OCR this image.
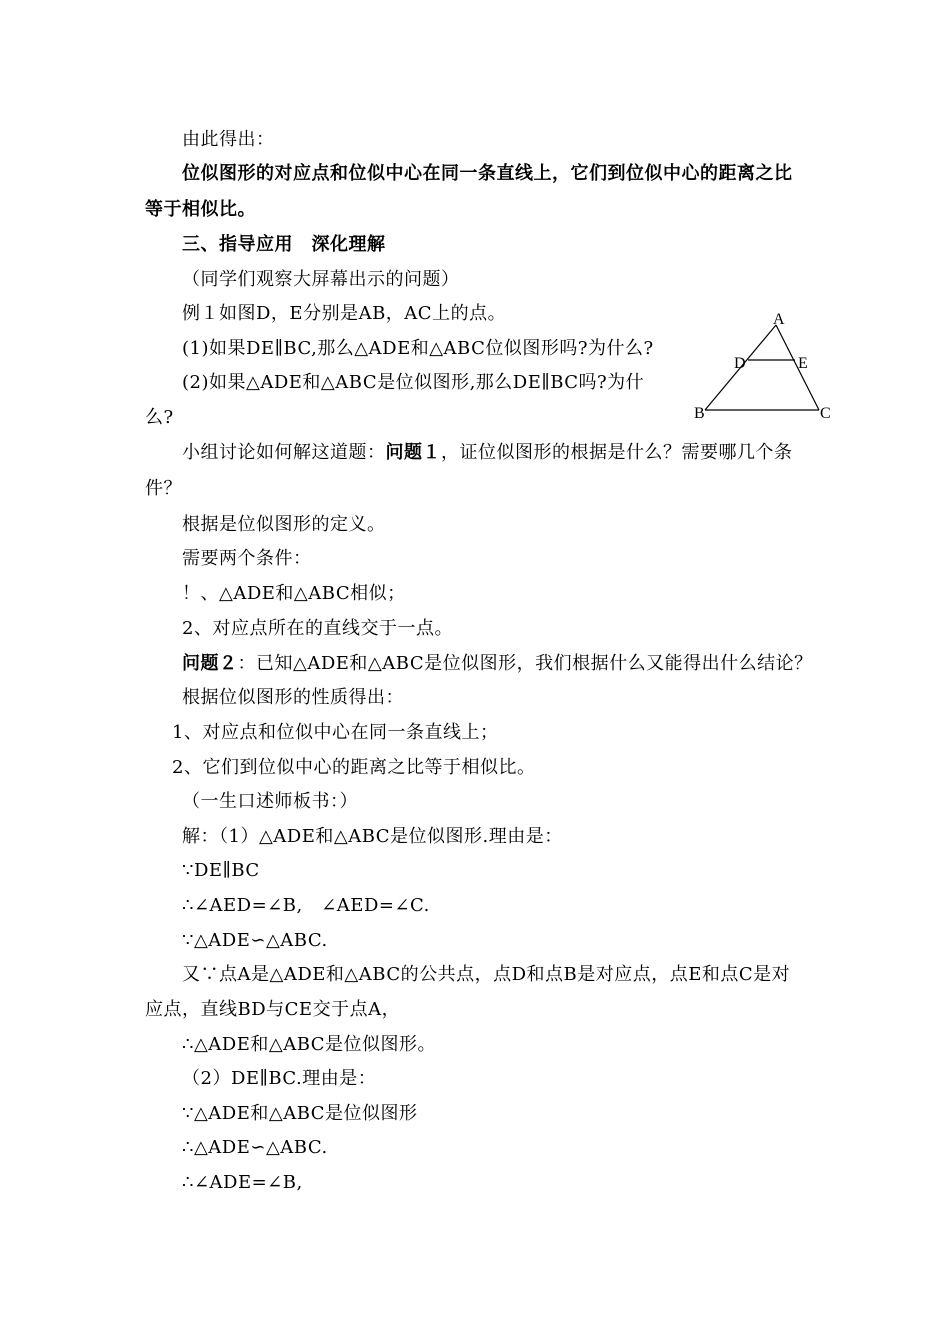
由此得出：
位似图形的对应点和位似中心在同一条直线上，它们到位似中心的距离之比
等于相似比。
三、指导应用　深化理解
（同学们观察大屏幕出示的问题）
例１如图D，E分别是AB，AC上的点。
(1)如果DE∥BC,那么△ADE和△ABC位似图形吗?为什么?
(2)如果△ADE和△ABC是位似图形,那么DE∥BC吗?为什
么?
A
B	C
D	E
小组讨论如何解这道题：问题１，证位似图形的根据是什么？需要哪几个条
件？
根据是位似图形的定义。
需要两个条件：
！、△ADE和△ABC相似；
2、对应点所在的直线交于一点。
问题２：已知△ADE和△ABC是位似图形，我们根据什么又能得出什么结论？
根据位似图形的性质得出：
1、对应点和位似中心在同一条直线上；
2、它们到位似中心的距离之比等于相似比。
（一生口述师板书：）
解：（1）△ADE和△ABC是位似图形.理由是：
∵DE∥BC
∴∠AED=∠B,　∠AED=∠C.
∵△ADE∽△ABC.
又∵点A是△ADE和△ABC的公共点，点D和点B是对应点，点E和点C是对
应点，直线BD与CE交于点A，
∴△ADE和△ABC是位似图形。
（2）DE∥BC.理由是：
∵△ADE和△ABC是位似图形
∴△ADE∽△ABC.
∴∠ADE=∠B,
